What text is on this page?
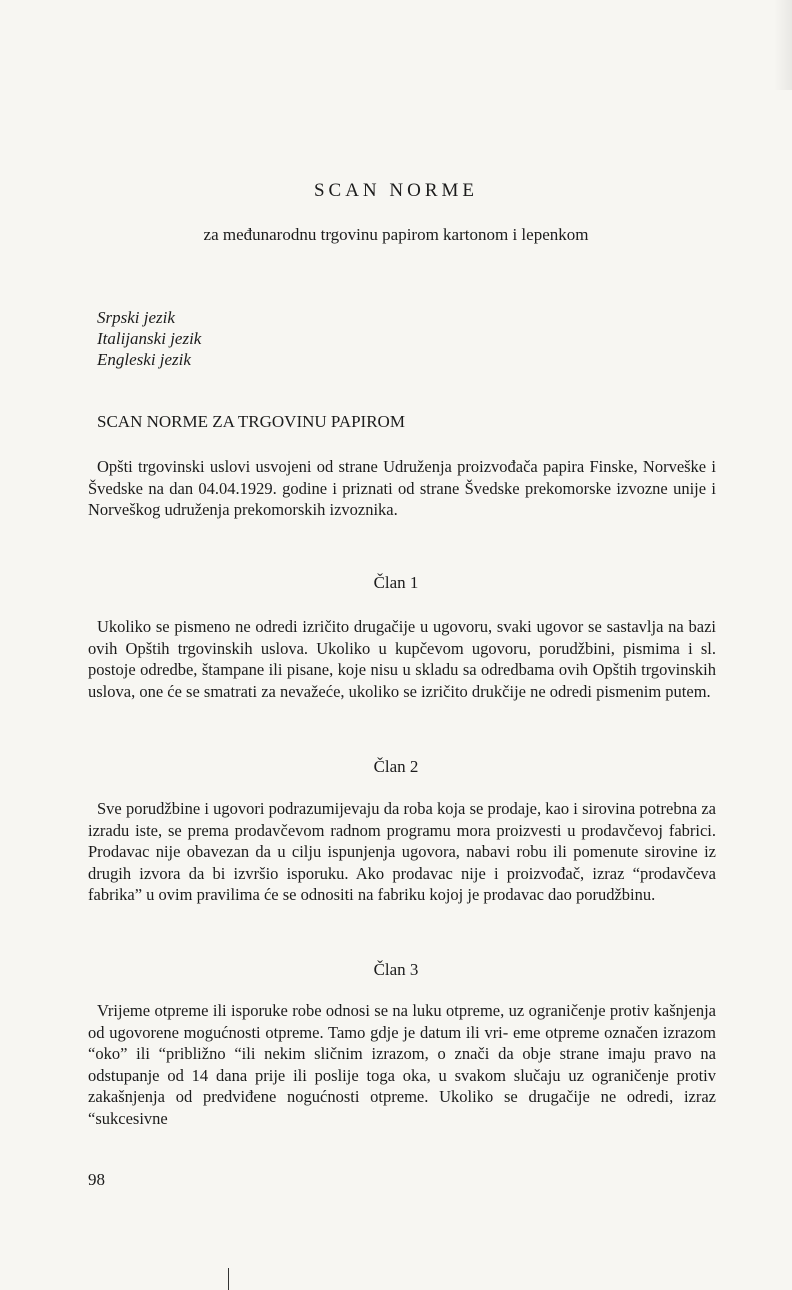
SCAN NORME
za međunarodnu trgovinu papirom kartonom i lepenkom
Srpski jezik
Italijanski jezik
Engleski jezik
SCAN NORME ZA TRGOVINU PAPIROM
Opšti trgovinski uslovi usvojeni od strane Udruženja proizvođača papira Finske, Norveške i Švedske na dan 04.04.1929. godine i priznati od strane Švedske prekomorske izvozne unije i Norveškog udruženja prekomorskih izvoznika.
Član 1
Ukoliko se pismeno ne odredi izričito drugačije u ugovoru, svaki ugovor se sastavlja na bazi ovih Opštih trgovinskih uslova. Ukoliko u kupčevom ugovoru, porudžbini, pismima i sl. postoje odredbe, štampane ili pisane, koje nisu u skladu sa odredbama ovih Opštih trgovinskih uslova, one će se smatrati za nevažeće, ukoliko se izričito drukčije ne odredi pismenim putem.
Član 2
Sve porudžbine i ugovori podrazumijevaju da roba koja se prodaje, kao i sirovina potrebna za izradu iste, se prema prodavčevom radnom programu mora proizvesti u prodavčevoj fabrici. Prodavac nije obavezan da u cilju ispunjenja ugovora, nabavi robu ili pomenute sirovine iz drugih izvora da bi izvršio isporuku. Ako prodavac nije i proizvođač, izraz “prodavčeva fabrika” u ovim pravilima će se odnositi na fabriku kojoj je prodavac dao porudžbinu.
Član 3
Vrijeme otpreme ili isporuke robe odnosi se na luku otpreme, uz ograničenje protiv kašnjenja od ugovorene mogućnosti otpreme. Tamo gdje je datum ili vri- eme otpreme označen izrazom “oko” ili “približno “ili nekim sličnim izrazom, o znači da obje strane imaju pravo na odstupanje od 14 dana prije ili poslije toga oka, u svakom slučaju uz ograničenje protiv zakašnjenja od predviđene nogućnosti otpreme. Ukoliko se drugačije ne odredi, izraz “sukcesivne
98
